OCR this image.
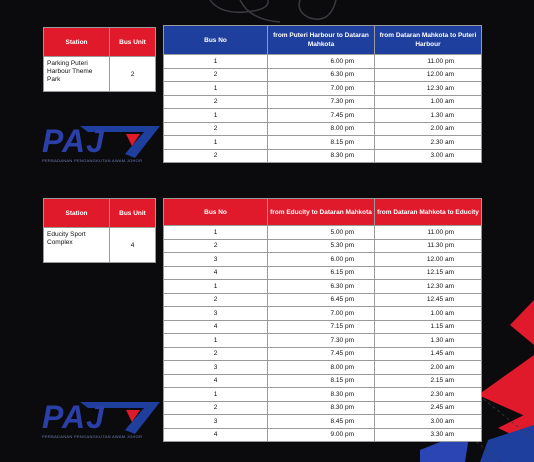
Station	Bus Unit
Parking Puteri Harbour Theme Park	2
Bus No	from Puteri Harbour to Dataran Mahkota	from Dataran Mahkota to Puteri Harbour
1	6.00 pm	11.00 pm
2	6.30 pm	12.00 am
1	7.00 pm	12.30 am
2	7.30 pm	1.00 am
1	7.45 pm	1.30 am
2	8.00 pm	2.00 am
1	8.15 pm	2.30 am
2	8.30 pm	3.00 am
PAJ
PERBADANAN PENGANGKUTAN AWAM JOHOR
Station	Bus Unit
Educity Sport Complex	4
Bus No	from Educity to Dataran Mahkota	from Dataran Mahkota to Educity
1	5.00 pm	11.00 pm
2	5.30 pm	11.30 pm
3	6.00 pm	12.00 am
4	6.15 pm	12.15 am
1	6.30 pm	12.30 am
2	6.45 pm	12.45 am
3	7.00 pm	1.00 am
4	7.15 pm	1.15 am
1	7.30 pm	1.30 am
2	7.45 pm	1.45 am
3	8.00 pm	2.00 am
4	8.15 pm	2.15 am
1	8.30 pm	2.30 am
2	8.30 pm	2.45 am
3	8.45 pm	3.00 am
4	9.00 pm	3.30 am
PAJ
PERBADANAN PENGANGKUTAN AWAM JOHOR
